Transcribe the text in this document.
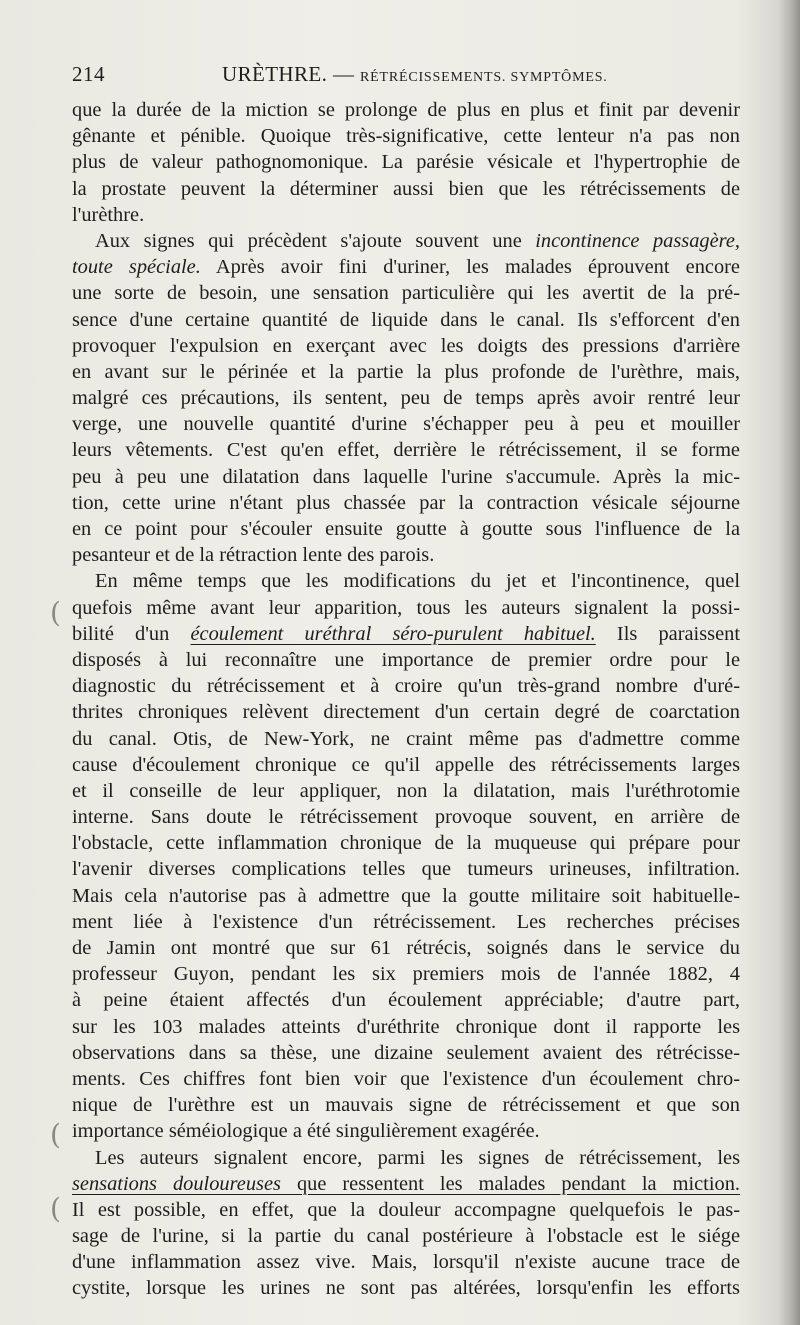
214	URÈTHRE. — RÉTRÉCISSEMENTS. SYMPTÔMES.
que la durée de la miction se prolonge de plus en plus et finit par devenir
gênante et pénible. Quoique très-significative, cette lenteur n'a pas non
plus de valeur pathognomonique. La parésie vésicale et l'hypertrophie de
la prostate peuvent la déterminer aussi bien que les rétrécissements de
l'urèthre.
Aux signes qui précèdent s'ajoute souvent une incontinence passagère,
toute spéciale. Après avoir fini d'uriner, les malades éprouvent encore
une sorte de besoin, une sensation particulière qui les avertit de la pré-
sence d'une certaine quantité de liquide dans le canal. Ils s'efforcent d'en
provoquer l'expulsion en exerçant avec les doigts des pressions d'arrière
en avant sur le périnée et la partie la plus profonde de l'urèthre, mais,
malgré ces précautions, ils sentent, peu de temps après avoir rentré leur
verge, une nouvelle quantité d'urine s'échapper peu à peu et mouiller
leurs vêtements. C'est qu'en effet, derrière le rétrécissement, il se forme
peu à peu une dilatation dans laquelle l'urine s'accumule. Après la mic-
tion, cette urine n'étant plus chassée par la contraction vésicale séjourne
en ce point pour s'écouler ensuite goutte à goutte sous l'influence de la
pesanteur et de la rétraction lente des parois.
En même temps que les modifications du jet et l'incontinence, quel
quefois même avant leur apparition, tous les auteurs signalent la possi-
bilité d'un écoulement uréthral séro-purulent habituel. Ils paraissent
disposés à lui reconnaître une importance de premier ordre pour le
diagnostic du rétrécissement et à croire qu'un très-grand nombre d'uré-
thrites chroniques relèvent directement d'un certain degré de coarctation
du canal. Otis, de New-York, ne craint même pas d'admettre comme
cause d'écoulement chronique ce qu'il appelle des rétrécissements larges
et il conseille de leur appliquer, non la dilatation, mais l'uréthrotomie
interne. Sans doute le rétrécissement provoque souvent, en arrière de
l'obstacle, cette inflammation chronique de la muqueuse qui prépare pour
l'avenir diverses complications telles que tumeurs urineuses, infiltration.
Mais cela n'autorise pas à admettre que la goutte militaire soit habituelle-
ment liée à l'existence d'un rétrécissement. Les recherches précises
de Jamin ont montré que sur 61 rétrécis, soignés dans le service du
professeur Guyon, pendant les six premiers mois de l'année 1882, 4
à peine étaient affectés d'un écoulement appréciable; d'autre part,
sur les 103 malades atteints d'uréthrite chronique dont il rapporte les
observations dans sa thèse, une dizaine seulement avaient des rétrécisse-
ments. Ces chiffres font bien voir que l'existence d'un écoulement chro-
nique de l'urèthre est un mauvais signe de rétrécissement et que son
importance séméiologique a été singulièrement exagérée.
Les auteurs signalent encore, parmi les signes de rétrécissement, les
sensations douloureuses que ressentent les malades pendant la miction.
Il est possible, en effet, que la douleur accompagne quelquefois le pas-
sage de l'urine, si la partie du canal postérieure à l'obstacle est le siége
d'une inflammation assez vive. Mais, lorsqu'il n'existe aucune trace de
cystite, lorsque les urines ne sont pas altérées, lorsqu'enfin les efforts
(
(
(
